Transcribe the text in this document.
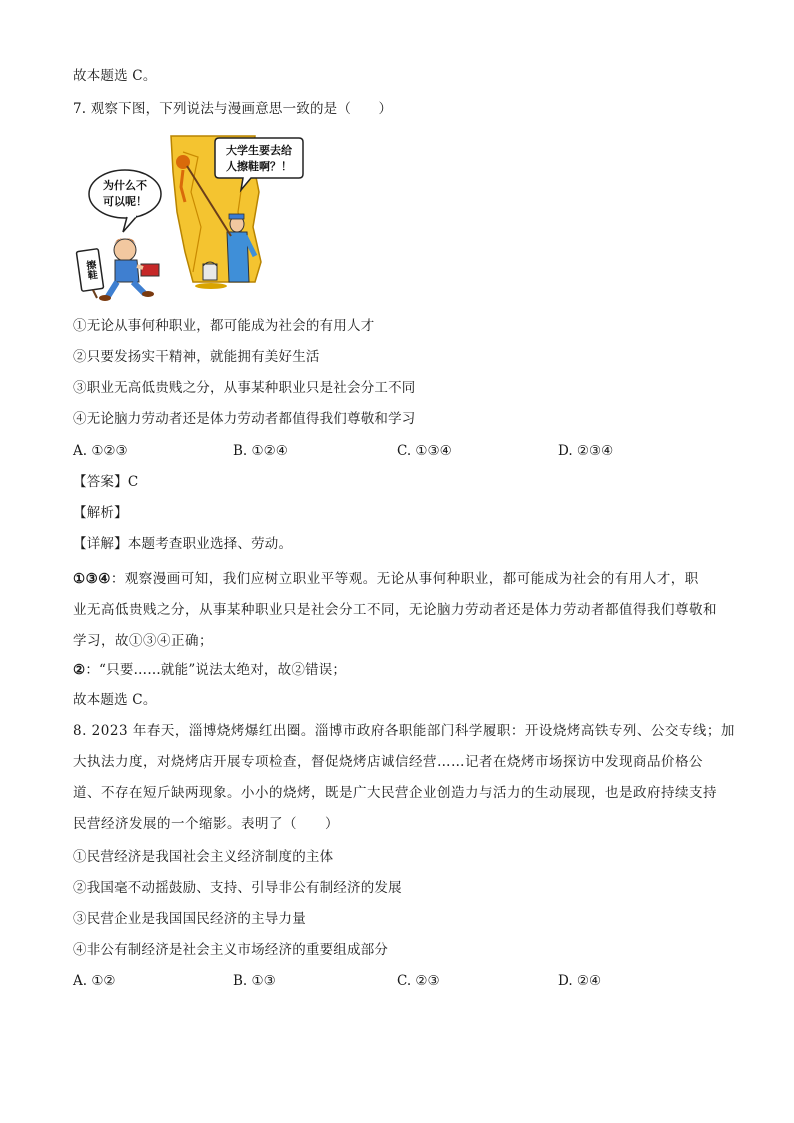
故本题选 C。
7. 观察下图，下列说法与漫画意思一致的是（　　）
大学生要去给
人擦鞋啊？！
为什么不
可以呢！
擦鞋
①无论从事何种职业，都可能成为社会的有用人才
②只要发扬实干精神，就能拥有美好生活
③职业无高低贵贱之分，从事某种职业只是社会分工不同
④无论脑力劳动者还是体力劳动者都值得我们尊敬和学习
A. ①②③	B. ①②④	C. ①③④	D. ②③④
【答案】C
【解析】
【详解】本题考查职业选择、劳动。
①③④：观察漫画可知，我们应树立职业平等观。无论从事何种职业，都可能成为社会的有用人才，职
业无高低贵贱之分，从事某种职业只是社会分工不同，无论脑力劳动者还是体力劳动者都值得我们尊敬和
学习，故①③④正确；
②：“只要……就能”说法太绝对，故②错误；
故本题选 C。
8. 2023 年春天，淄博烧烤爆红出圈。淄博市政府各职能部门科学履职：开设烧烤高铁专列、公交专线；加
大执法力度，对烧烤店开展专项检查，督促烧烤店诚信经营……记者在烧烤市场探访中发现商品价格公
道、不存在短斤缺两现象。小小的烧烤，既是广大民营企业创造力与活力的生动展现，也是政府持续支持
民营经济发展的一个缩影。表明了（　　）
①民营经济是我国社会主义经济制度的主体
②我国毫不动摇鼓励、支持、引导非公有制经济的发展
③民营企业是我国国民经济的主导力量
④非公有制经济是社会主义市场经济的重要组成部分
A. ①②	B. ①③	C. ②③	D. ②④
